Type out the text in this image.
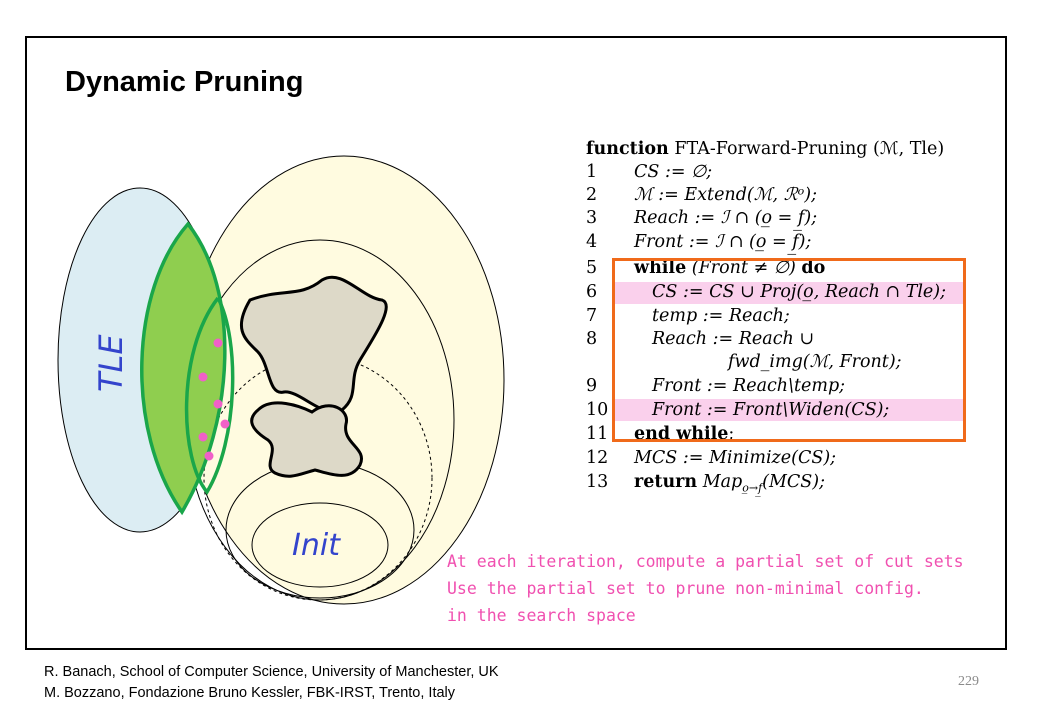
Dynamic Pruning
TLE
Init
function FTA-Forward-Pruning (ℳ, Tle)
1	CS := ∅;
2	ℳ := Extend(ℳ, ℛᵒ);
3	Reach := ℐ ∩ (o̲ = f̲);
4	Front := ℐ ∩ (o̲ = f̲);
5	while (Front ≠ ∅) do
6	CS := CS ∪ Proj(o̲, Reach ∩ Tle);
7	temp := Reach;
8	Reach := Reach ∪
fwd_img(ℳ, Front);
9	Front := Reach\temp;
10	Front := Front\Widen(CS);
11	end while;
12	MCS := Minimize(CS);
13	return Map$_{o̲\to f̲}$(MCS);
At each iteration, compute a partial set of cut sets
Use the partial set to prune non-minimal config.
in the search space
R. Banach, School of Computer Science, University of Manchester, UK
M. Bozzano, Fondazione Bruno Kessler, FBK-IRST, Trento, Italy
229
